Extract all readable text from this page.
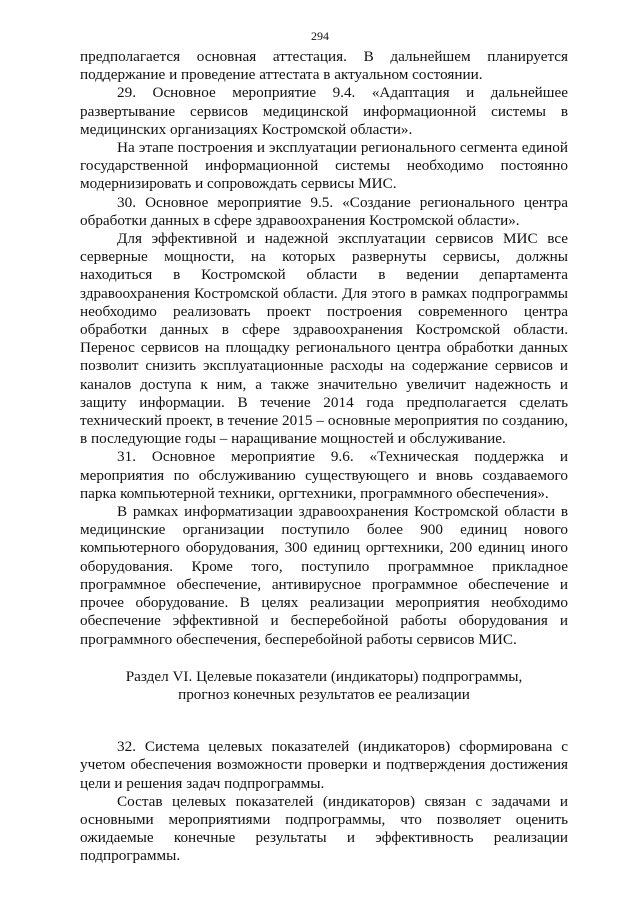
294

предполагается основная аттестация. В дальнейшем планируется поддержание и проведение аттестата в актуальном состоянии.

29. Основное мероприятие 9.4. «Адаптация и дальнейшее развертывание сервисов медицинской информационной системы в медицинских организациях Костромской области».

На этапе построения и эксплуатации регионального сегмента единой государственной информационной системы необходимо постоянно модернизировать и сопровождать сервисы МИС.

30. Основное мероприятие 9.5. «Создание регионального центра обработки данных в сфере здравоохранения Костромской области».

Для эффективной и надежной эксплуатации сервисов МИС все серверные мощности, на которых развернуты сервисы, должны находиться в Костромской области в ведении департамента здравоохранения Костромской области. Для этого в рамках подпрограммы необходимо реализовать проект построения современного центра обработки данных в сфере здравоохранения Костромской области. Перенос сервисов на площадку регионального центра обработки данных позволит снизить эксплуатационные расходы на содержание сервисов и каналов доступа к ним, а также значительно увеличит надежность и защиту информации. В течение 2014 года предполагается сделать технический проект, в течение 2015 – основные мероприятия по созданию, в последующие годы – наращивание мощностей и обслуживание.

31. Основное мероприятие 9.6. «Техническая поддержка и мероприятия по обслуживанию существующего и вновь создаваемого парка компьютерной техники, оргтехники, программного обеспечения».

В рамках информатизации здравоохранения Костромской области в медицинские организации поступило более 900 единиц нового компьютерного оборудования, 300 единиц оргтехники, 200 единиц иного оборудования. Кроме того, поступило программное прикладное программное обеспечение, антивирусное программное обеспечение и прочее оборудование. В целях реализации мероприятия необходимо обеспечение эффективной и бесперебойной работы оборудования и программного обеспечения, бесперебойной работы сервисов МИС.

Раздел VI. Целевые показатели (индикаторы) подпрограммы,
прогноз конечных результатов ее реализации

32. Система целевых показателей (индикаторов) сформирована с учетом обеспечения возможности проверки и подтверждения достижения цели и решения задач подпрограммы.

Состав целевых показателей (индикаторов) связан с задачами и основными мероприятиями подпрограммы, что позволяет оценить ожидаемые конечные результаты и эффективность реализации подпрограммы.
